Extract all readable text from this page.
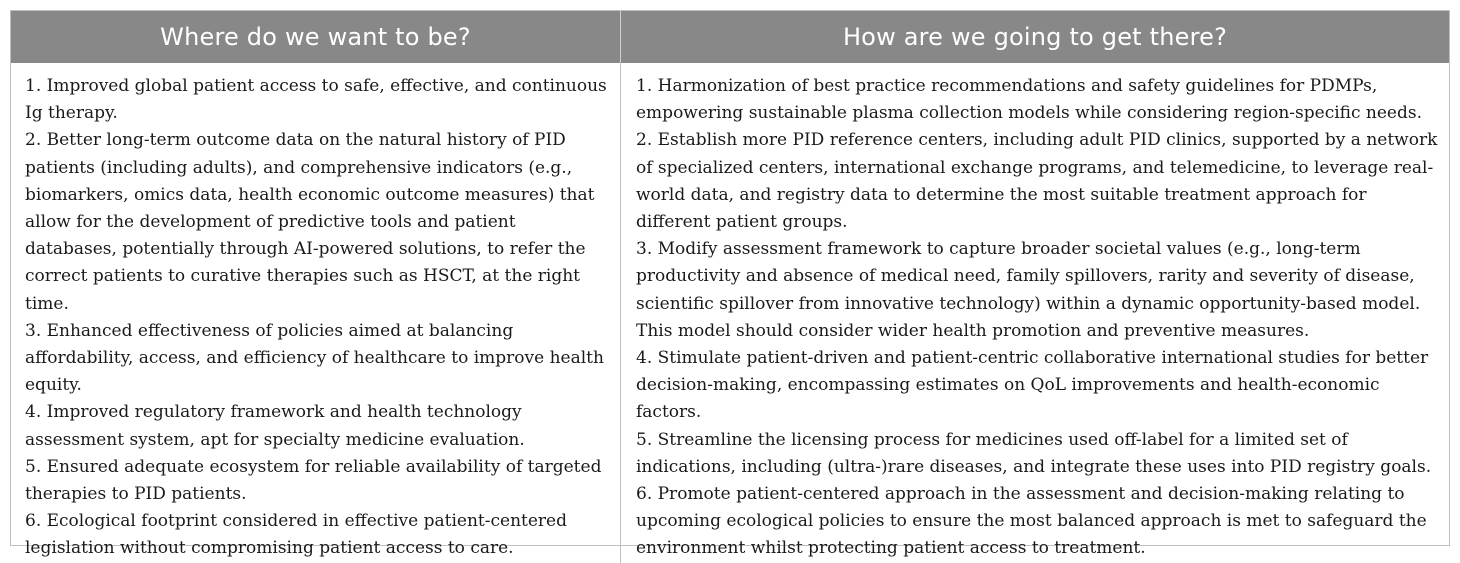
Where do we want to be?	How are we going to get there?

1. Improved global patient access to safe, effective, and continuous Ig therapy.

2. Better long-term outcome data on the natural history of PID patients (including adults), and comprehensive indicators (e.g., biomarkers, omics data, health economic outcome measures) that allow for the development of predictive tools and patient databases, potentially through AI-powered solutions, to refer the correct patients to curative therapies such as HSCT, at the right time.

3. Enhanced effectiveness of policies aimed at balancing affordability, access, and efficiency of healthcare to improve health equity.

4. Improved regulatory framework and health technology assessment system, apt for specialty medicine evaluation.

5. Ensured adequate ecosystem for reliable availability of targeted therapies to PID patients.

6. Ecological footprint considered in effective patient-centered legislation without compromising patient access to care.

1. Harmonization of best practice recommendations and safety guidelines for PDMPs, empowering sustainable plasma collection models while considering region-specific needs.

2. Establish more PID reference centers, including adult PID clinics, supported by a network of specialized centers, international exchange programs, and telemedicine, to leverage real-world data, and registry data to determine the most suitable treatment approach for different patient groups.

3. Modify assessment framework to capture broader societal values (e.g., long-term productivity and absence of medical need, family spillovers, rarity and severity of disease, scientific spillover from innovative technology) within a dynamic opportunity-based model. This model should consider wider health promotion and preventive measures.

4. Stimulate patient-driven and patient-centric collaborative international studies for better decision-making, encompassing estimates on QoL improvements and health-economic factors.

5. Streamline the licensing process for medicines used off-label for a limited set of indications, including (ultra-)rare diseases, and integrate these uses into PID registry goals.

6. Promote patient-centered approach in the assessment and decision-making relating to upcoming ecological policies to ensure the most balanced approach is met to safeguard the environment whilst protecting patient access to treatment.
